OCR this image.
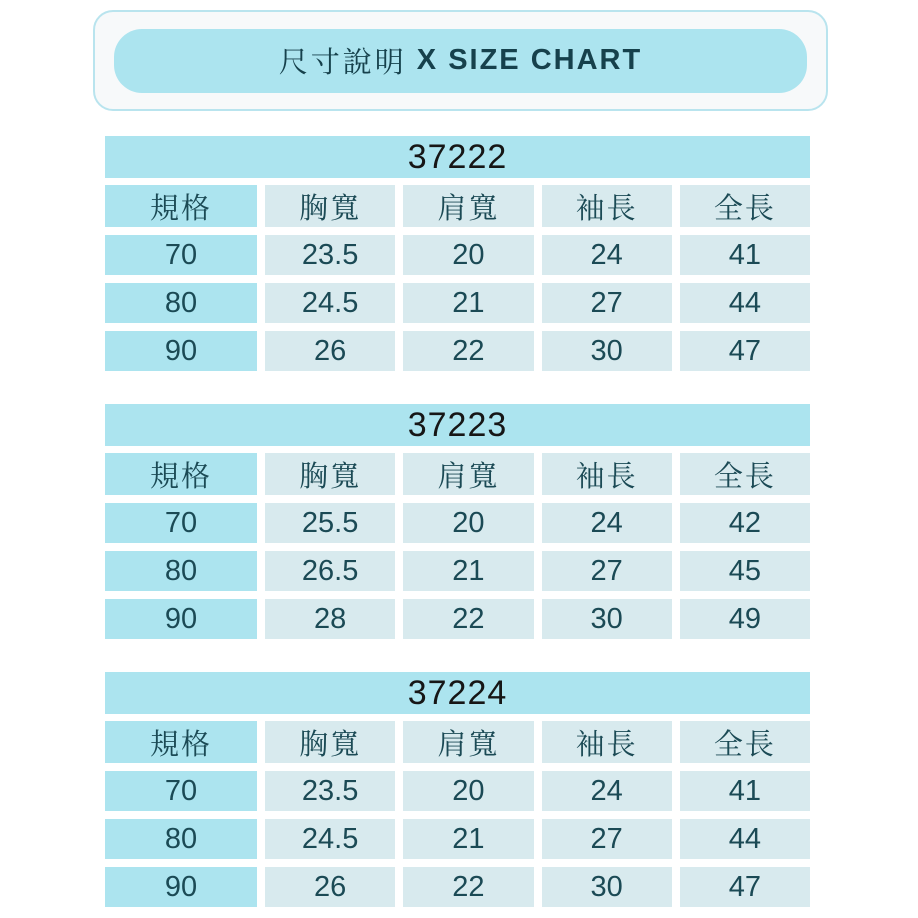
尺寸說明 X SIZE CHART
37222
規格	胸寬	肩寬	袖長	全長
70	23.5	20	24	41
80	24.5	21	27	44
90	26	22	30	47
37223
規格	胸寬	肩寬	袖長	全長
70	25.5	20	24	42
80	26.5	21	27	45
90	28	22	30	49
37224
規格	胸寬	肩寬	袖長	全長
70	23.5	20	24	41
80	24.5	21	27	44
90	26	22	30	47
